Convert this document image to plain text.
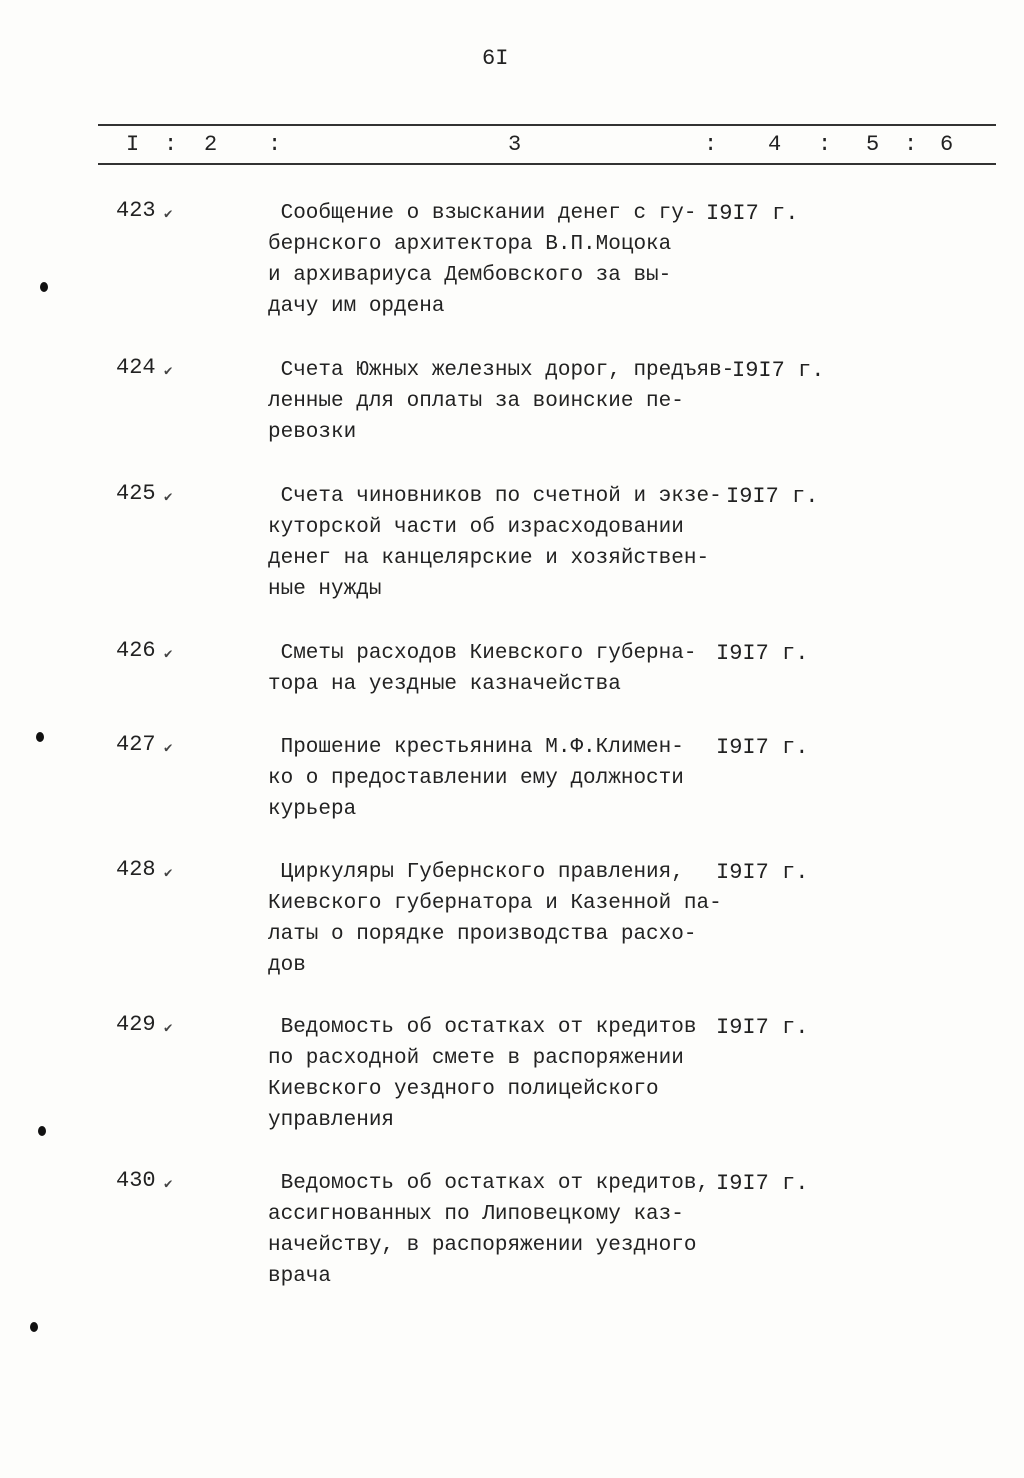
6I
I : 2 :	3	: 4 : 5 : 6
423 ✔︎	Сообщение о взыскании денег с гу-
бернского архитектора В.П.Моцока
и архивариуса Дембовского за вы-
дачу им ордена
I9I7 г.
424 ✔︎	Счета Южных железных дорог, предъяв-
ленные для оплаты за воинские пе-
ревозки
I9I7 г.
425 ✔︎	Счета чиновников по счетной и экзе-
куторской части об израсходовании
денег на канцелярские и хозяйствен-
ные нужды
I9I7 г.
426 ✔︎	Сметы расходов Киевского губерна-
тора на уездные казначейства
I9I7 г.
427 ✔︎	Прошение крестьянина М.Ф.Климен-
ко о предоставлении ему должности
курьера
I9I7 г.
428 ✔︎	Циркуляры Губернского правления,
Киевского губернатора и Казенной па-
латы о порядке производства расхо-
дов
I9I7 г.
429 ✔︎	Ведомость об остатках от кредитов
по расходной смете в распоряжении
Киевского уездного полицейского
управления
I9I7 г.
430 ✔︎	Ведомость об остатках от кредитов,
ассигнованных по Липовецкому каз-
начейству, в распоряжении уездного
врача
I9I7 г.
